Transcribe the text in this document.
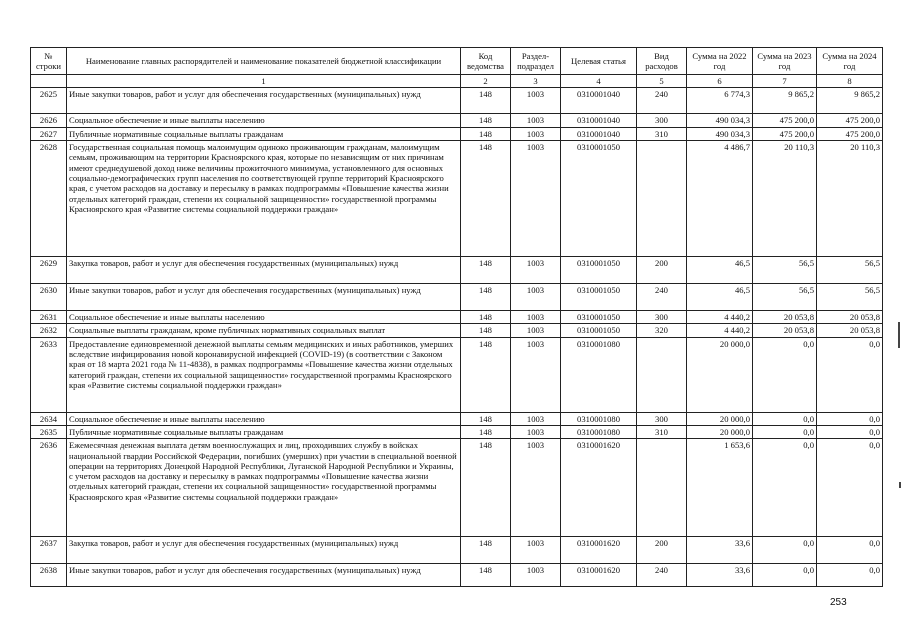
№ строки	Наименование главных распорядителей и наименование показателей бюджетной классификации	Код ведомства	Раздел-подраздел	Целевая статья	Вид расходов	Сумма на 2022 год	Сумма на 2023 год	Сумма на 2024 год
	1	2	3	4	5	6	7	8
2625	Иные закупки товаров, работ и услуг для обеспечения государственных (муниципальных) нужд	148	1003	0310001040	240	6 774,3	9 865,2	9 865,2
2626	Социальное обеспечение и иные выплаты населению	148	1003	0310001040	300	490 034,3	475 200,0	475 200,0
2627	Публичные нормативные социальные выплаты гражданам	148	1003	0310001040	310	490 034,3	475 200,0	475 200,0
2628	Государственная социальная помощь малоимущим одиноко проживающим гражданам, малоимущим семьям, проживающим на территории Красноярского края, которые по независящим от них причинам имеют среднедушевой доход ниже величины прожиточного минимума, установленного для основных социально-демографических групп населения по соответствующей группе территорий Красноярского края, с учетом расходов на доставку и пересылку в рамках подпрограммы «Повышение качества жизни отдельных категорий граждан, степени их социальной защищенности» государственной программы Красноярского края «Развитие системы социальной поддержки граждан»	148	1003	0310001050		4 486,7	20 110,3	20 110,3
2629	Закупка товаров, работ и услуг для обеспечения государственных (муниципальных) нужд	148	1003	0310001050	200	46,5	56,5	56,5
2630	Иные закупки товаров, работ и услуг для обеспечения государственных (муниципальных) нужд	148	1003	0310001050	240	46,5	56,5	56,5
2631	Социальное обеспечение и иные выплаты населению	148	1003	0310001050	300	4 440,2	20 053,8	20 053,8
2632	Социальные выплаты гражданам, кроме публичных нормативных социальных выплат	148	1003	0310001050	320	4 440,2	20 053,8	20 053,8
2633	Предоставление единовременной денежной выплаты семьям медицинских и иных работников, умерших вследствие инфицирования новой коронавирусной инфекцией (COVID-19) (в соответствии с Законом края от 18 марта 2021 года № 11-4838), в рамках подпрограммы «Повышение качества жизни отдельных категорий граждан, степени их социальной защищенности» государственной программы Красноярского края «Развитие системы социальной поддержки граждан»	148	1003	0310001080		20 000,0	0,0	0,0
2634	Социальное обеспечение и иные выплаты населению	148	1003	0310001080	300	20 000,0	0,0	0,0
2635	Публичные нормативные социальные выплаты гражданам	148	1003	0310001080	310	20 000,0	0,0	0,0
2636	Ежемесячная денежная выплата детям военнослужащих и лиц, проходивших службу в войсках национальной гвардии Российской Федерации, погибших (умерших) при участии в специальной военной операции на территориях Донецкой Народной Республики, Луганской Народной Республики и Украины, с учетом расходов на доставку и пересылку в рамках подпрограммы «Повышение качества жизни отдельных категорий граждан, степени их социальной защищенности» государственной программы Красноярского края «Развитие системы социальной поддержки граждан»	148	1003	0310001620		1 653,6	0,0	0,0
2637	Закупка товаров, работ и услуг для обеспечения государственных (муниципальных) нужд	148	1003	0310001620	200	33,6	0,0	0,0
2638	Иные закупки товаров, работ и услуг для обеспечения государственных (муниципальных) нужд	148	1003	0310001620	240	33,6	0,0	0,0
253
